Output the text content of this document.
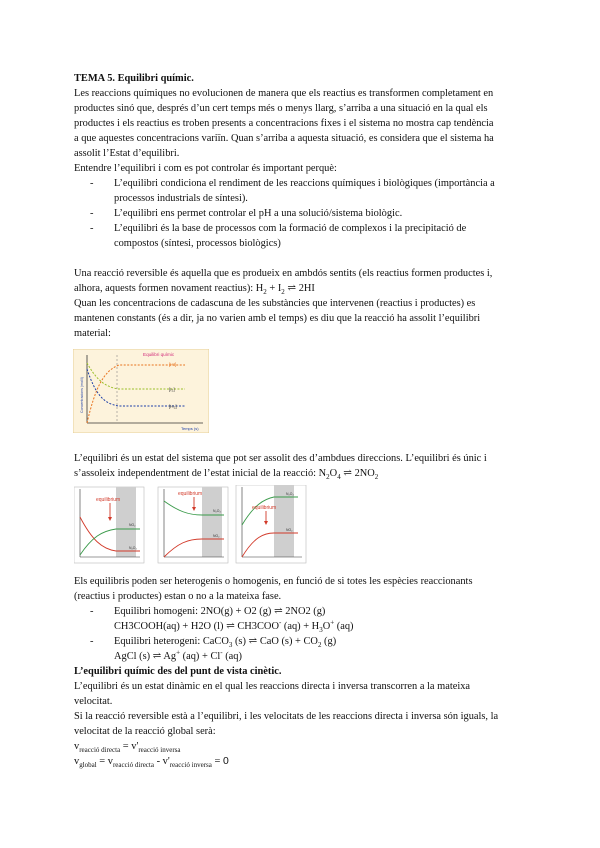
TEMA 5. Equilibri químic.

Les reaccions químiques no evolucionen de manera que els reactius es transformen completament en

productes sinó que, després d’un cert temps més o menys llarg, s’arriba a una situació en la qual els

productes i els reactius es troben presents a concentracions fixes i el sistema no mostra cap tendència

a que aquestes concentracions variïn. Quan s’arriba a aquesta situació, es considera que el sistema ha

assolit l’Estat d’equilibri.

Entendre l’equilibri i com es pot controlar és important perquè:

- L’equilibri condiciona el rendiment de les reaccions químiques i biològiques (importància a
processos industrials de síntesi).
- L’equilibri ens permet controlar el pH a una solució/sistema biològic.
- L’equilibri és la base de processos com la formació de complexos i la precipitació de
compostos (síntesi, processos biològics)

Una reacció reversible és aquella que es produeix en ambdós sentits (els reactius formen productes i,

alhora, aquests formen novament reactius): $H_2 + I_2$ ⇌ 2HI

Quan les concentracions de cadascuna de les substàncies que intervenen (reactius i productes) es

mantenen constants (és a dir, ja no varien amb el temps) es diu que la reacció ha assolit l’equilibri

material:

Equilibri químic
[HI]
[I₂]
[H₂]
Temps (s)
Concentracions (mol/l)

L’equilibri és un estat del sistema que pot ser assolit des d’ambdues direccions. L’equilibri és únic i

s’assoleix independentment de l’estat inicial de la reacció: $N_2O_4$ ⇌ $2NO_2$

equilibrium
NO₂
N₂O₄
equilibrium
N₂O₄
NO₂
equilibrium
N₂O₄
NO₂

Els equilibris poden ser heterogenis o homogenis, en funció de si totes les espècies reaccionants

(reactius i productes) estan o no a la mateixa fase.

- Equilibri homogeni: 2NO(g) + O2 (g) ⇌ 2NO2 (g)
CH3COOH(aq) + H2O (l) ⇌ CH3COO- $(aq) + H_3O^+$ (aq)
- Equilibri heterogeni: CaCO$_3$ (s) ⇌ CaO $(s) + CO_2$ (g)
AgCl (s) ⇌ Ag+ (aq) + Cl- (aq)

L’equilibri químic des del punt de vista cinètic.

L’equilibri és un estat dinàmic en el qual les reaccions directa i inversa transcorren a la mateixa

velocitat.

Si la reacció reversible està a l’equilibri, i les velocitats de les reaccions directa i inversa són iguals, la

velocitat de la reacció global serà:

$v_{reacció directa} = v'_{reacció inversa}$

$v_{global} = v_{reacció directa} - v'_{reacció inversa} = 0$
